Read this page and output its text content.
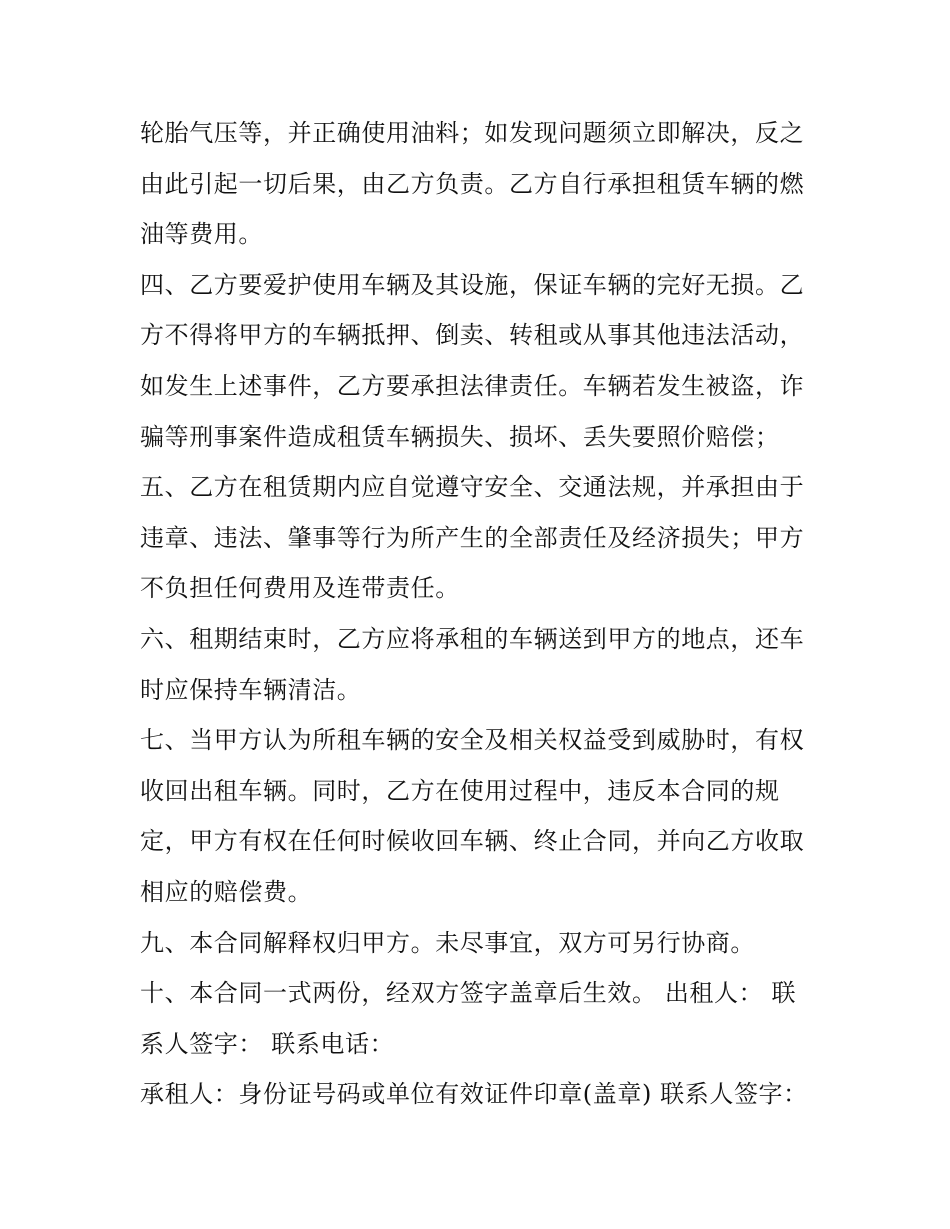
轮胎气压等，并正确使用油料；如发现问题须立即解决，反之
由此引起一切后果，由乙方负责。乙方自行承担租赁车辆的燃
油等费用。
四、乙方要爱护使用车辆及其设施，保证车辆的完好无损。乙
方不得将甲方的车辆抵押、倒卖、转租或从事其他违法活动，
如发生上述事件，乙方要承担法律责任。车辆若发生被盗，诈
骗等刑事案件造成租赁车辆损失、损坏、丢失要照价赔偿；
五、乙方在租赁期内应自觉遵守安全、交通法规，并承担由于
违章、违法、肇事等行为所产生的全部责任及经济损失；甲方
不负担任何费用及连带责任。
六、租期结束时，乙方应将承租的车辆送到甲方的地点，还车
时应保持车辆清洁。
七、当甲方认为所租车辆的安全及相关权益受到威胁时，有权
收回出租车辆。同时，乙方在使用过程中，违反本合同的规
定，甲方有权在任何时候收回车辆、终止合同，并向乙方收取
相应的赔偿费。
九、本合同解释权归甲方。未尽事宜，双方可另行协商。
十、本合同一式两份，经双方签字盖章后生效。 出租人： 联
系人签字： 联系电话：
承租人：身份证号码或单位有效证件印章(盖章) 联系人签字：
